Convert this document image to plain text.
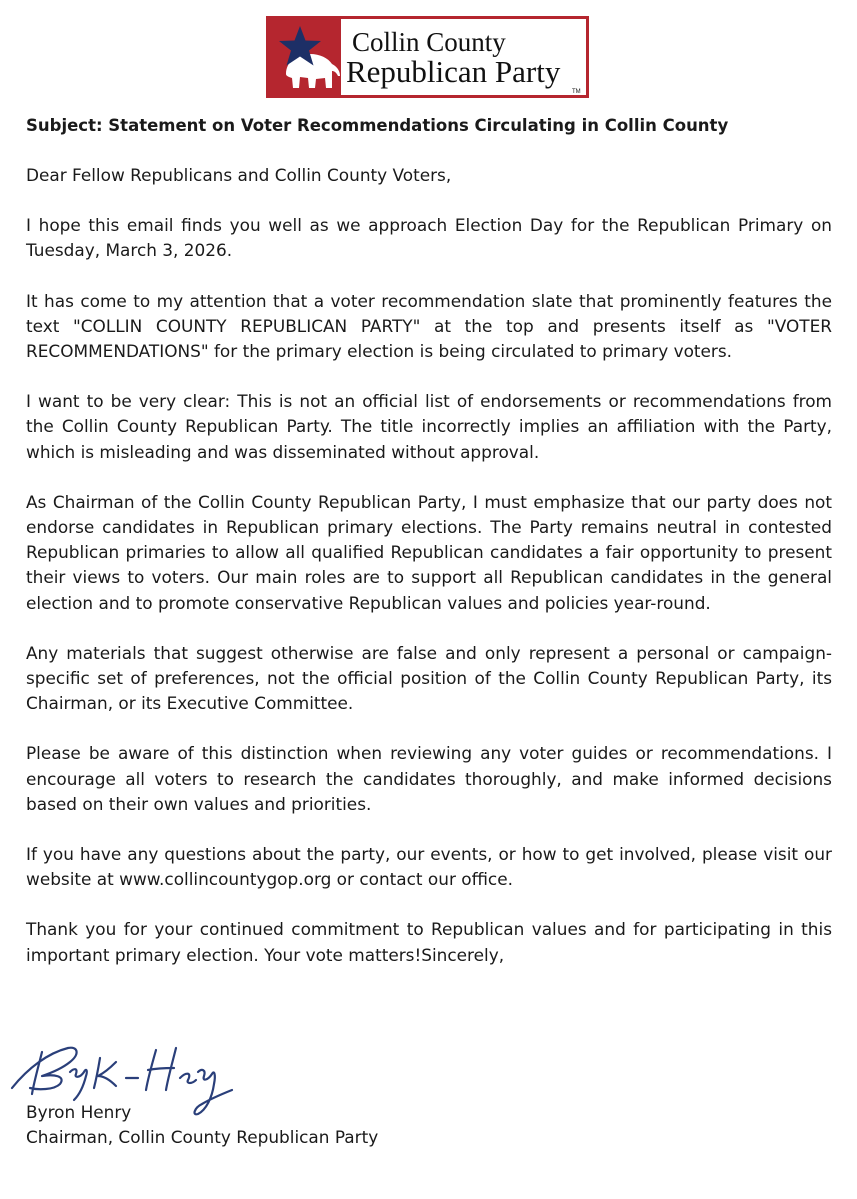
Collin County
Republican Party
TM

Subject: Statement on Voter Recommendations Circulating in Collin County

Dear Fellow Republicans and Collin County Voters,

I hope this email finds you well as we approach Election Day for the Republican Primary on Tuesday, March 3, 2026.

It has come to my attention that a voter recommendation slate that prominently features the text "COLLIN COUNTY REPUBLICAN PARTY" at the top and presents itself as "VOTER RECOMMENDATIONS" for the primary election is being circulated to primary voters.

I want to be very clear: This is not an official list of endorsements or recommendations from the Collin County Republican Party. The title incorrectly implies an affiliation with the Party, which is misleading and was disseminated without approval.

As Chairman of the Collin County Republican Party, I must emphasize that our party does not endorse candidates in Republican primary elections. The Party remains neutral in contested Republican primaries to allow all qualified Republican candidates a fair opportunity to present their views to voters. Our main roles are to support all Republican candidates in the general election and to promote conservative Republican values and policies year-round.

Any materials that suggest otherwise are false and only represent a personal or campaign-specific set of preferences, not the official position of the Collin County Republican Party, its Chairman, or its Executive Committee.

Please be aware of this distinction when reviewing any voter guides or recommendations. I encourage all voters to research the candidates thoroughly, and make informed decisions based on their own values and priorities.

If you have any questions about the party, our events, or how to get involved, please visit our website at www.collincountygop.org or contact our office.

Thank you for your continued commitment to Republican values and for participating in this important primary election. Your vote matters!Sincerely,

Byron Henry

Chairman, Collin County Republican Party
